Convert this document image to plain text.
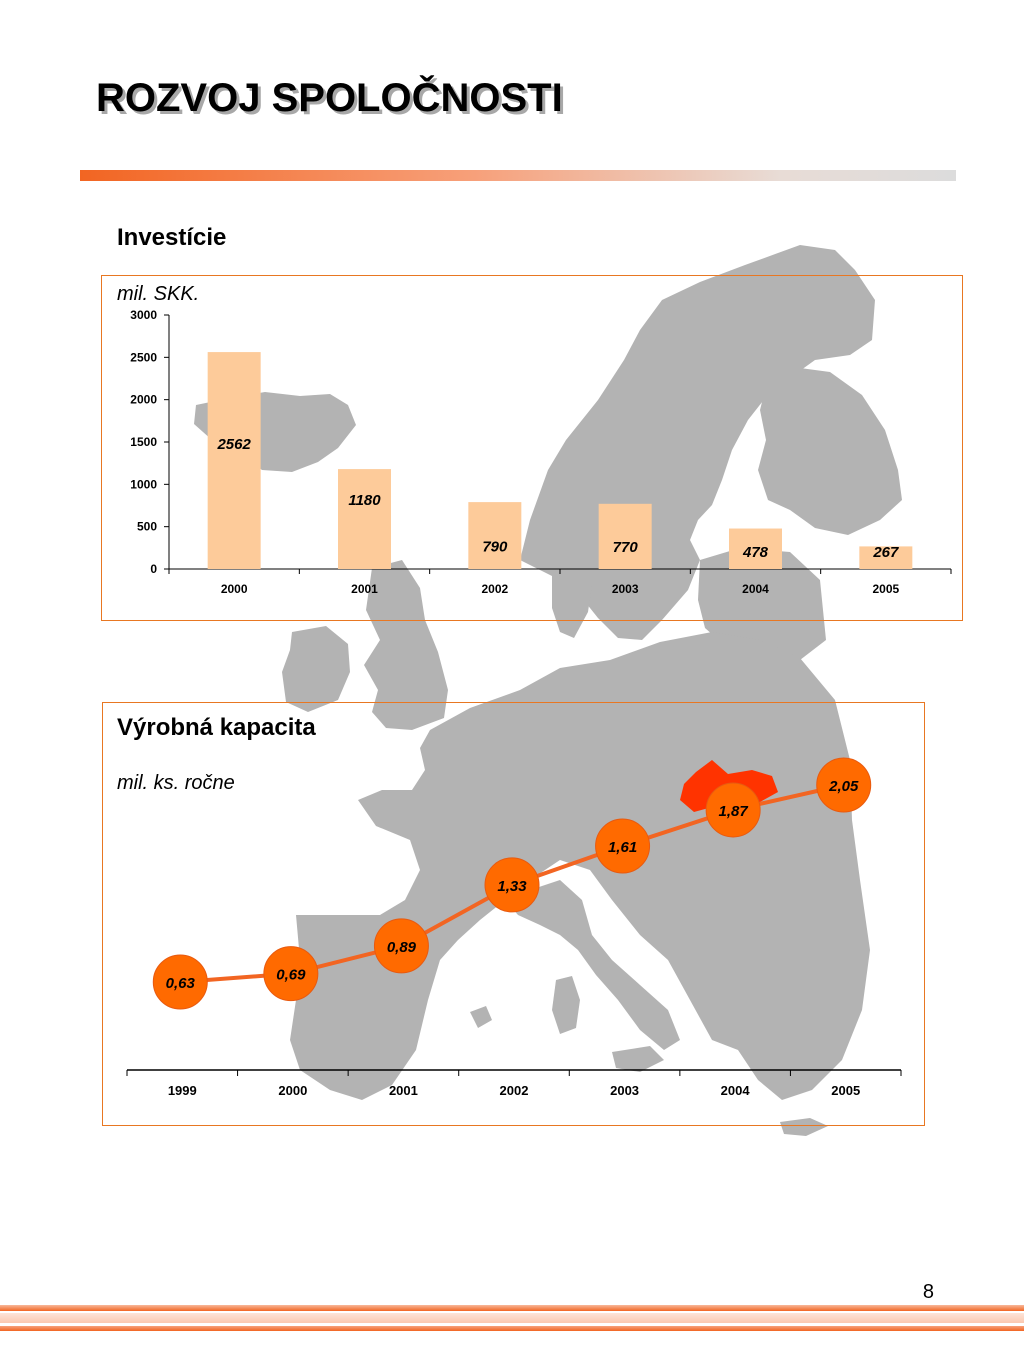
ROZVOJ SPOLOČNOSTI
Investície
mil. SKK.
Výrobná kapacita
mil. ks. ročne
0
500
1000
1500
2000
2500
3000
2562
2000
1180
2001
790
2002
770
2003
478
2004
267
2005
0,63
1999
0,69
2000
0,89
2001
1,33
2002
1,61
2003
1,87
2004
2,05
2005
8
